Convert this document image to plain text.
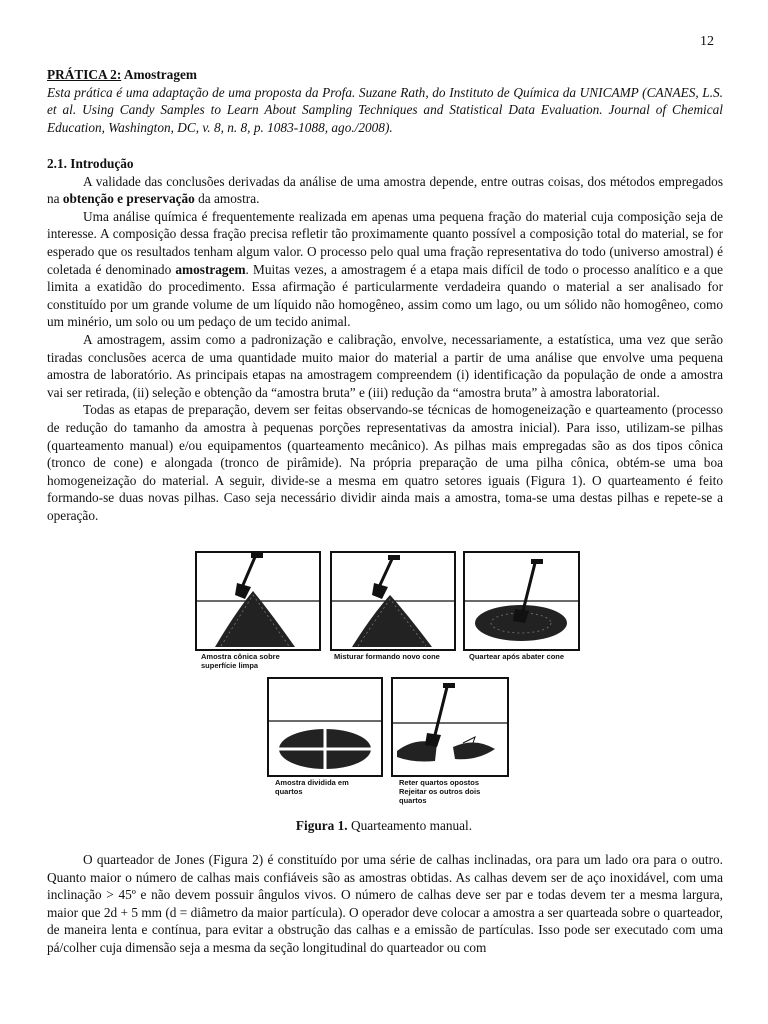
12

PRÁTICA 2: Amostragem

Esta prática é uma adaptação de uma proposta da Profa. Suzane Rath, do Instituto de Química da UNICAMP (CANAES, L.S. et al. Using Candy Samples to Learn About Sampling Techniques and Statistical Data Evaluation. Journal of Chemical Education, Washington, DC, v. 8, n. 8, p. 1083-1088, ago./2008).

2.1. Introdução

A validade das conclusões derivadas da análise de uma amostra depende, entre outras coisas, dos métodos empregados na obtenção e preservação da amostra.

Uma análise química é frequentemente realizada em apenas uma pequena fração do material cuja composição seja de interesse. A composição dessa fração precisa refletir tão proximamente quanto possível a composição total do material, se for esperado que os resultados tenham algum valor. O processo pelo qual uma fração representativa do todo (universo amostral) é coletada é denominado amostragem. Muitas vezes, a amostragem é a etapa mais difícil de todo o processo analítico e a que limita a exatidão do procedimento. Essa afirmação é particularmente verdadeira quando o material a ser analisado for constituído por um grande volume de um líquido não homogêneo, assim como um lago, ou um sólido não homogêneo, como um minério, um solo ou um pedaço de um tecido animal.

A amostragem, assim como a padronização e calibração, envolve, necessariamente, a estatística, uma vez que serão tiradas conclusões acerca de uma quantidade muito maior do material a partir de uma análise que envolve uma pequena amostra de laboratório. As principais etapas na amostragem compreendem (i) identificação da população de onde a amostra vai ser retirada, (ii) seleção e obtenção da “amostra bruta” e (iii) redução da “amostra bruta” à amostra laboratorial.

Todas as etapas de preparação, devem ser feitas observando-se técnicas de homogeneização e quarteamento (processo de redução do tamanho da amostra à pequenas porções representativas da amostra inicial). Para isso, utilizam-se pilhas (quarteamento manual) e/ou equipamentos (quarteamento mecânico). As pilhas mais empregadas são as dos tipos cônica (tronco de cone) e alongada (tronco de pirâmide). Na própria preparação de uma pilha cônica, obtém-se uma boa homogeneização do material. A seguir, divide-se a mesma em quatro setores iguais (Figura 1). O quarteamento é feito formando-se duas novas pilhas. Caso seja necessário dividir ainda mais a amostra, toma-se uma destas pilhas e repete-se a operação.

Amostra cônica sobre superfície limpa
Misturar formando novo cone	Quartear após abater cone
Amostra dividida em quartos
Reter quartos opostos Rejeitar os outros dois quartos
Figura 1. Quarteamento manual.

O quarteador de Jones (Figura 2) é constituído por uma série de calhas inclinadas, ora para um lado ora para o outro. Quanto maior o número de calhas mais confiáveis são as amostras obtidas. As calhas devem ser de aço inoxidável, com uma inclinação > 45º e não devem possuir ângulos vivos. O número de calhas deve ser par e todas devem ter a mesma largura, maior que 2d + 5 mm (d = diâmetro da maior partícula). O operador deve colocar a amostra a ser quarteada sobre o quarteador, de maneira lenta e contínua, para evitar a obstrução das calhas e a emissão de partículas. Isso pode ser executado com uma pá/colher cuja dimensão seja a mesma da seção longitudinal do quarteador ou com
